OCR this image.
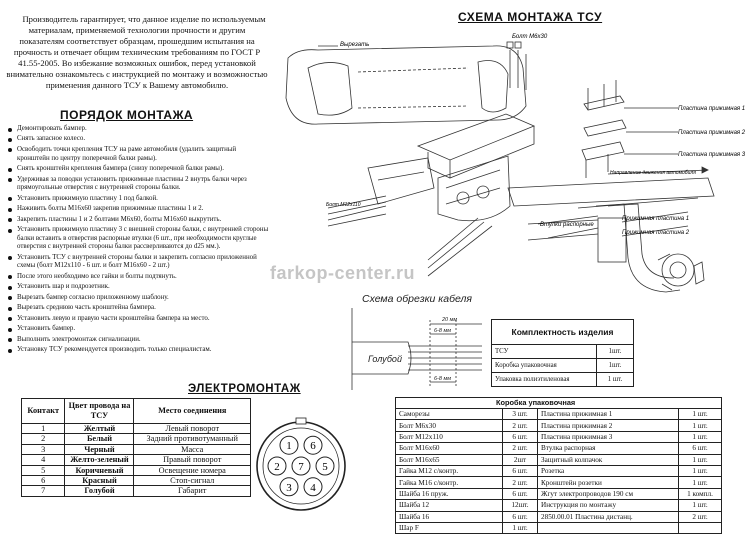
Производитель гарантирует, что данное изделие по используемым материалам, применяемой технологии прочности и другим показателям соответствует образцам, прошедшим испытания на прочность и отвечает общим техническим требованиям по ГОСТ Р 41.55-2005. Во избежание возможных ошибок, перед установкой внимательно ознакомьтесь с инструкцией по монтажу и возможностью применения данного ТСУ к Вашему автомобилю.

ПОРЯДОК МОНТАЖА
Демонтировать бампер.
Снять запасное колесо.
Освободить точки крепления ТСУ на раме автомобиля (удалить защитный кронштейн по центру поперечной балки рамы).
Снять кронштейн крепления бампера (снизу поперечной балки рамы).
Удерживая за поводки установить прижимные пластины 2 внутрь балки через прямоугольные отверстия с внутренней стороны балки.
Установить прижимную пластину 1 под балкой.
Наживить болты М16х60 закрепив прижимные пластины 1 и 2.
Закрепить пластины 1 и 2 болтами М6х60, болты М16х60 выкрутить.
Установить прижимную пластину 3 с внешней стороны балки, с внутренней стороны балки вставить в отверстия распорные втулки (6 шт., при необходимости круглые отверстия с внутренней стороны балки рассверливаются до d25 мм.).
Установить ТСУ с внутренней стороны балки и закрепить согласно приложенной схемы (болт М12х110 - 6 шт. и болт М16х60 - 2 шт.)
После этого необходимо все гайки и болты подтянуть.
Установить шар и подрозетник.
Вырезать бампер согласно приложенному шаблону.
Вырезать среднюю часть кронштейна бампера.
Установить левую и правую части кронштейна бампера на место.
Установить бампер.
Выполнить электромонтаж сигнализации.
Установку ТСУ рекомендуется производить только специалистам.
СХЕМА МОНТАЖА ТСУ
Вырезать
Болт М6х30
Пластина прижимная 1
Пластина прижимная 2
Пластина прижимная 3
Направление движения автомобиля
Втулки распорные
Прижимная пластина 1
Прижимная пластина 2
Болт М12х110
farkop-center.ru
Схема обрезки кабеля
20 мм
6-8 мм
6-8 мм
Голубой
Комплектность изделия	
ТСУ	1шт.
Коробка упаковочная	1шт.
Упаковка полиэтиленовая	1 шт.
ЭЛЕКТРОМОНТАЖ
Контакт	Цвет провода на ТСУ	Место соединения
1	Желтый	Левый поворот
2	Белый	Задний противотуманный
3	Черный	Масса
4	Желто-зеленый	Правый поворот
5	Коричневый	Освещение номера
6	Красный	Стоп-сигнал
7	Голубой	Габарит
1
2
3 4
5
6
7
Коробка упаковочная			
Саморезы	3 шт.	Пластина прижимная 1	1 шт.
Болт М6х30	2 шт.	Пластина прижимная 2	1 шт.
Болт М12х110	6 шт.	Пластина прижимная 3	1 шт.
Болт М16х60	2 шт.	Втулка распорная	6 шт.
Болт М16х65	2шт	Защитный колпачок	1 шт.
Гайка М12 с/контр.	6 шт.	Розетка	1 шт.
Гайка М16 с/контр.	2 шт.	Кронштейн розетки	1 шт.
Шайба 16 пруж.	6 шт.	Жгут электропроводов 190 см	1 компл.
Шайба 12	12шт.	Инструкция по монтажу	1 шт.
Шайба 16	6 шт.	2850.00.01 Пластина дистанц.	2 шт.
Шар F	1 шт.		
